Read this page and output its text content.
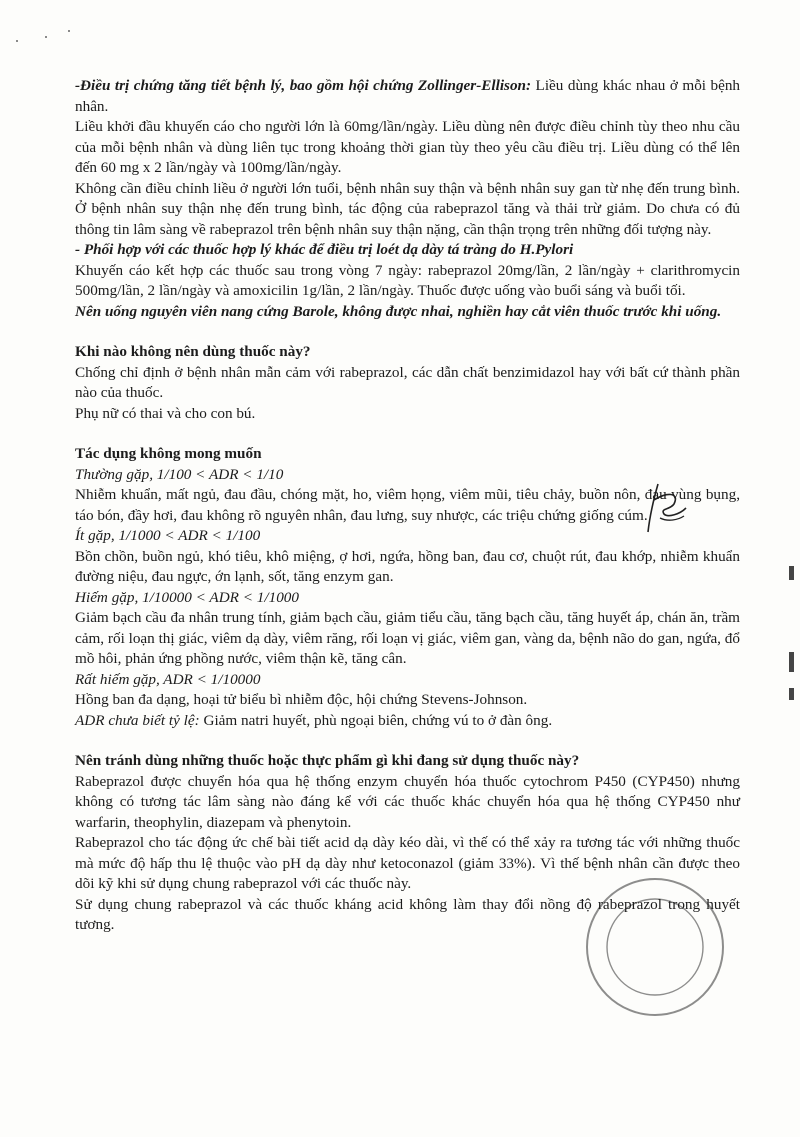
-Điều trị chứng tăng tiết bệnh lý, bao gồm hội chứng Zollinger-Ellison: Liều dùng khác nhau ở mỗi bệnh nhân.

Liều khởi đầu khuyến cáo cho người lớn là 60mg/lần/ngày. Liều dùng nên được điều chỉnh tùy theo nhu cầu của mỗi bệnh nhân và dùng liên tục trong khoảng thời gian tùy theo yêu cầu điều trị. Liều dùng có thể lên đến 60 mg x 2 lần/ngày và 100mg/lần/ngày.

Không cần điều chỉnh liều ở người lớn tuổi, bệnh nhân suy thận và bệnh nhân suy gan từ nhẹ đến trung bình. Ở bệnh nhân suy thận nhẹ đến trung bình, tác động của rabeprazol tăng và thải trừ giảm. Do chưa có đủ thông tin lâm sàng về rabeprazol trên bệnh nhân suy thận nặng, cần thận trọng trên những đối tượng này.

- Phối hợp với các thuốc hợp lý khác để điều trị loét dạ dày tá tràng do H.Pylori

Khuyến cáo kết hợp các thuốc sau trong vòng 7 ngày: rabeprazol 20mg/lần, 2 lần/ngày + clarithromycin 500mg/lần, 2 lần/ngày và amoxicilin 1g/lần, 2 lần/ngày. Thuốc được uống vào buổi sáng và buổi tối.

Nên uống nguyên viên nang cứng Barole, không được nhai, nghiền hay cắt viên thuốc trước khi uống.

Khi nào không nên dùng thuốc này?

Chống chỉ định ở bệnh nhân mẫn cảm với rabeprazol, các dẫn chất benzimidazol hay với bất cứ thành phần nào của thuốc.

Phụ nữ có thai và cho con bú.

Tác dụng không mong muốn

Thường gặp, 1/100 < ADR < 1/10

Nhiễm khuẩn, mất ngủ, đau đầu, chóng mặt, ho, viêm họng, viêm mũi, tiêu chảy, buồn nôn, đau vùng bụng, táo bón, đầy hơi, đau không rõ nguyên nhân, đau lưng, suy nhược, các triệu chứng giống cúm.

Ít gặp, 1/1000 < ADR < 1/100

Bồn chồn, buồn ngủ, khó tiêu, khô miệng, ợ hơi, ngứa, hồng ban, đau cơ, chuột rút, đau khớp, nhiễm khuẩn đường niệu, đau ngực, ớn lạnh, sốt, tăng enzym gan.

Hiếm gặp, 1/10000 < ADR < 1/1000

Giảm bạch cầu đa nhân trung tính, giảm bạch cầu, giảm tiểu cầu, tăng bạch cầu, tăng huyết áp, chán ăn, trầm cảm, rối loạn thị giác, viêm dạ dày, viêm răng, rối loạn vị giác, viêm gan, vàng da, bệnh não do gan, ngứa, đổ mồ hôi, phản ứng phồng nước, viêm thận kẽ, tăng cân.

Rất hiếm gặp, ADR < 1/10000

Hồng ban đa dạng, hoại tử biểu bì nhiễm độc, hội chứng Stevens-Johnson.

ADR chưa biết tỷ lệ: Giảm natri huyết, phù ngoại biên, chứng vú to ở đàn ông.

Nên tránh dùng những thuốc hoặc thực phẩm gì khi đang sử dụng thuốc này?

Rabeprazol được chuyển hóa qua hệ thống enzym chuyển hóa thuốc cytochrom P450 (CYP450) nhưng không có tương tác lâm sàng nào đáng kể với các thuốc khác chuyển hóa qua hệ thống CYP450 như warfarin, theophylin, diazepam và phenytoin.

Rabeprazol cho tác động ức chế bài tiết acid dạ dày kéo dài, vì thế có thể xảy ra tương tác với những thuốc mà mức độ hấp thu lệ thuộc vào pH dạ dày như ketoconazol (giảm 33%). Vì thế bệnh nhân cần được theo dõi kỹ khi sử dụng chung rabeprazol với các thuốc này.

Sử dụng chung rabeprazol và các thuốc kháng acid không làm thay đổi nồng độ rabeprazol trong huyết tương.
